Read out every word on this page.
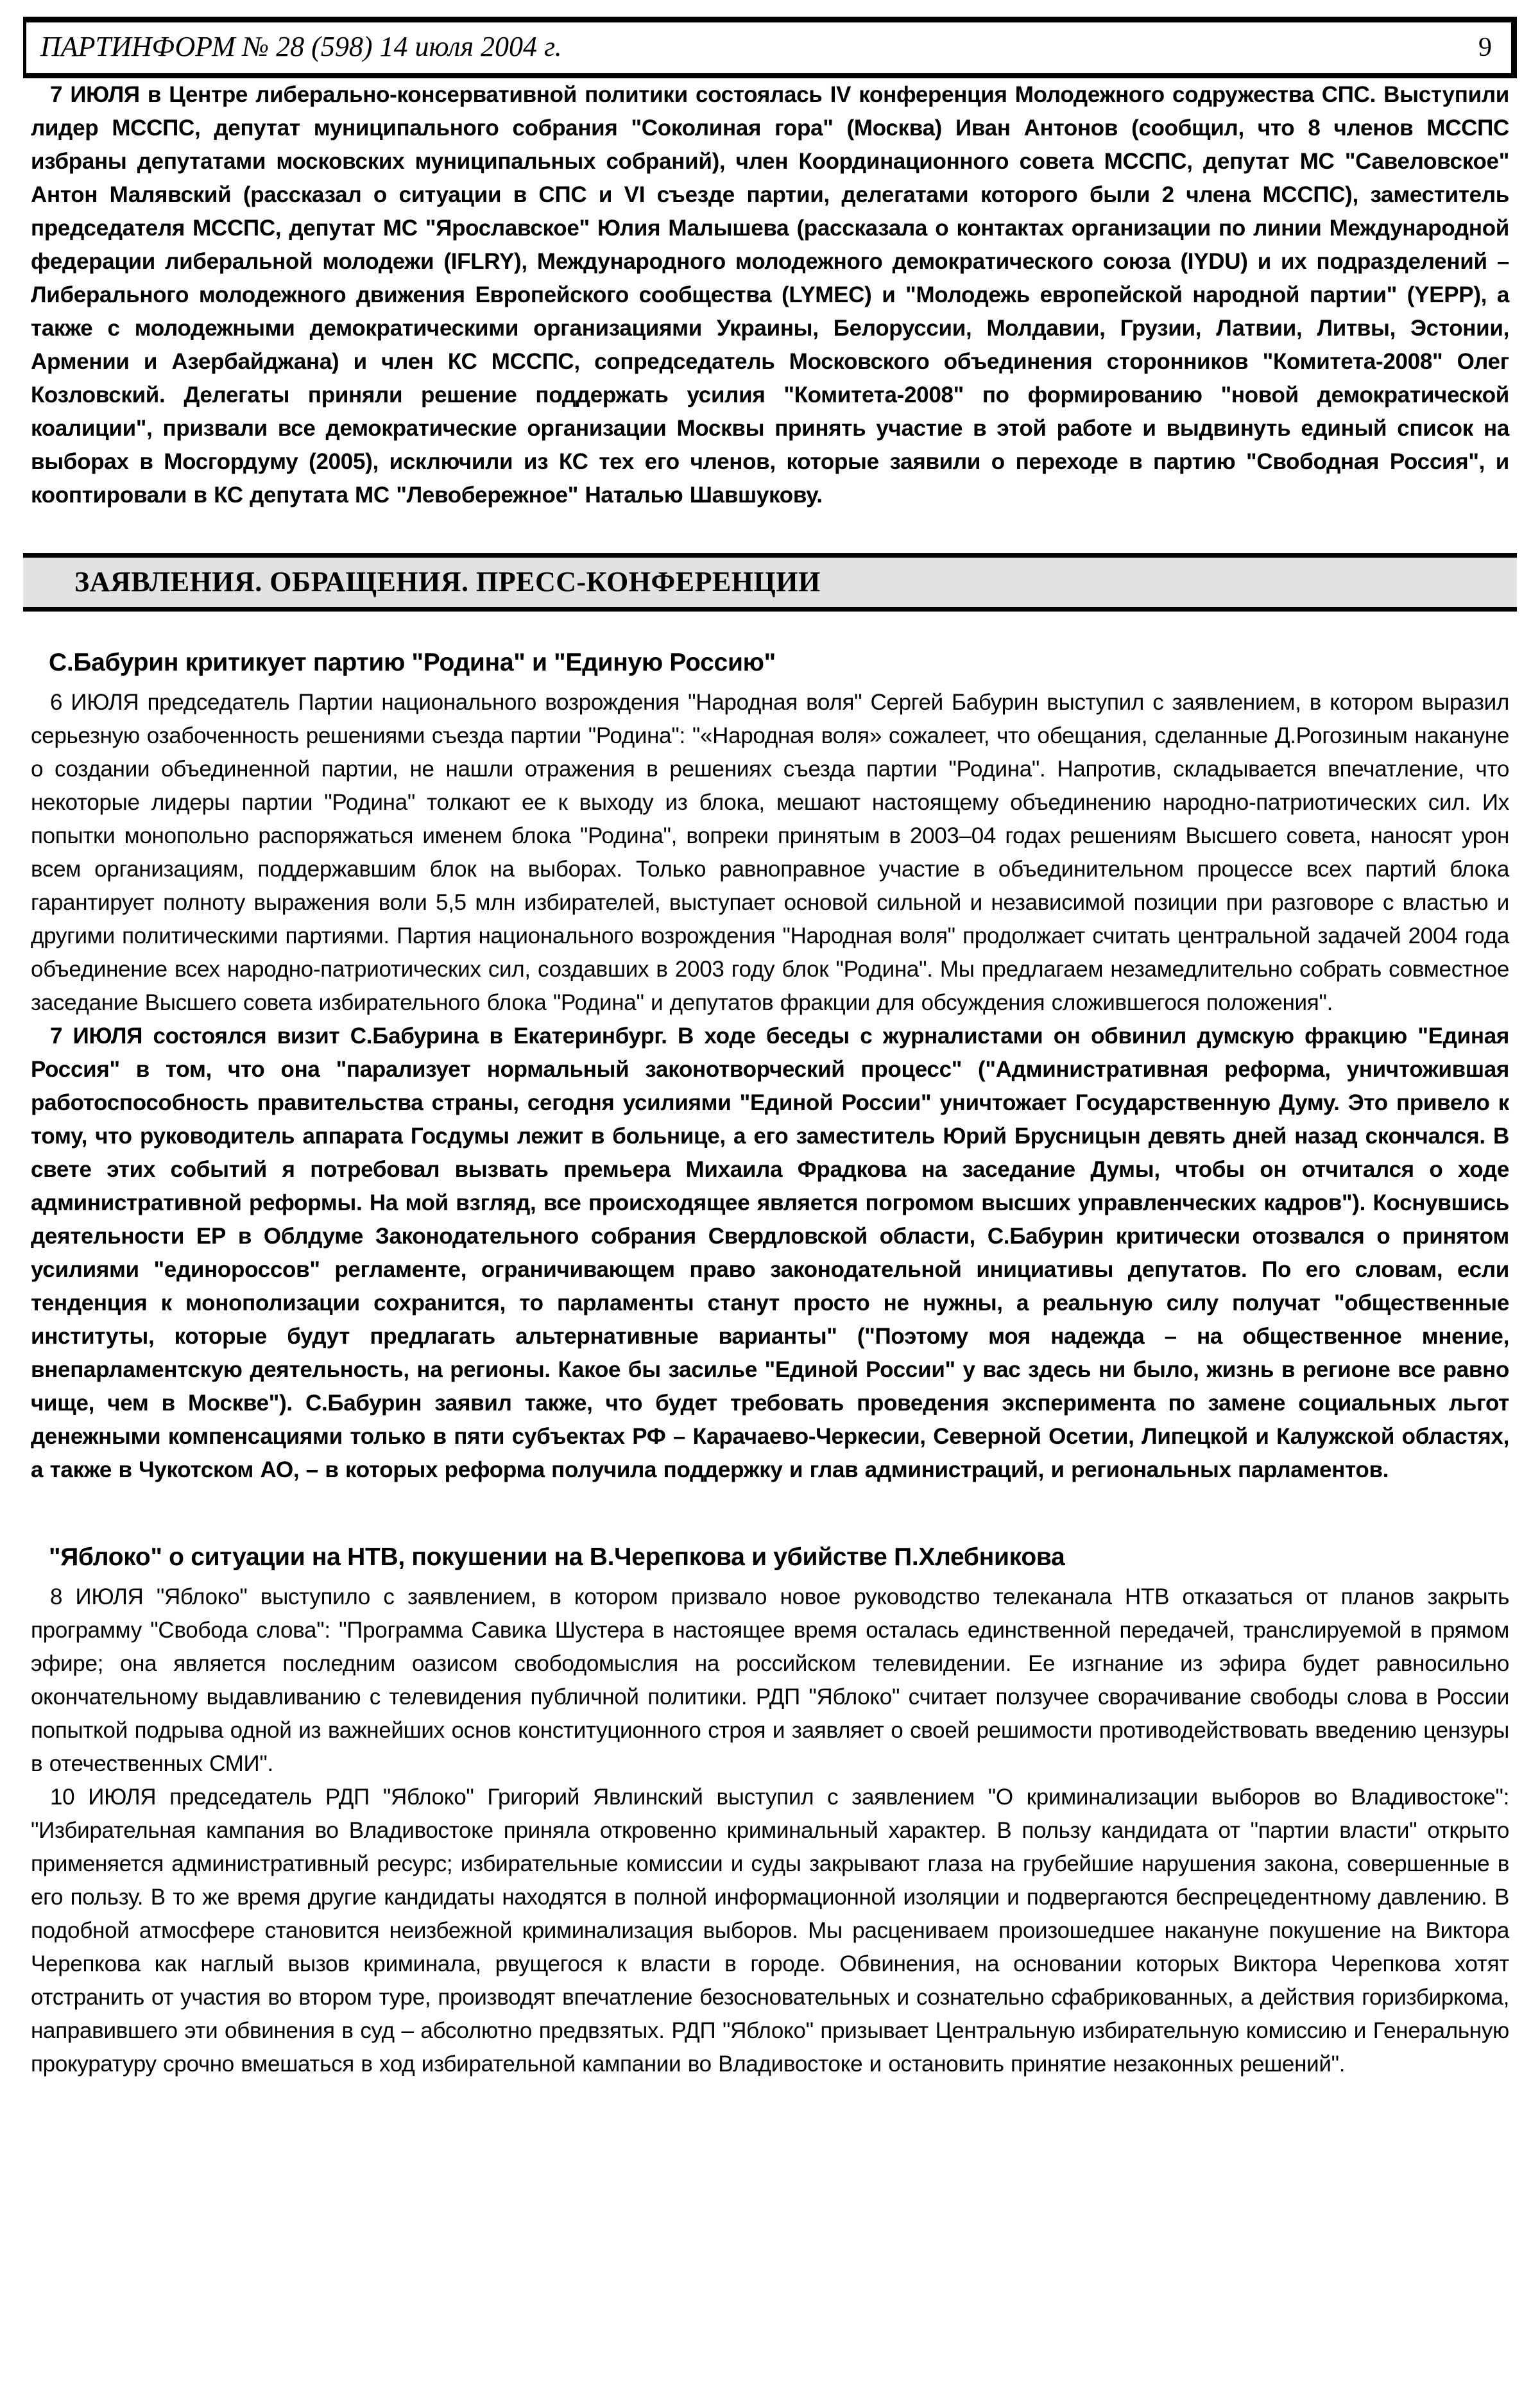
ПАРТИНФОРМ № 28 (598) 14 июля 2004 г.	9

7 ИЮЛЯ в Центре либерально-консервативной политики состоялась IV конференция Молодежного содружества СПС. Выступили лидер МССПС, депутат муниципального собрания "Соколиная гора" (Москва) Иван Антонов (сообщил, что 8 членов МССПС избраны депутатами московских муниципальных собраний), член Координационного совета МССПС, депутат МС "Савеловское" Антон Малявский (рассказал о ситуации в СПС и VI съезде партии, делегатами которого были 2 члена МССПС), заместитель председателя МССПС, депутат МС "Ярославское" Юлия Малышева (рассказала о контактах организации по линии Международной федерации либеральной молодежи (IFLRY), Международного молодежного демократического союза (IYDU) и их подразделений – Либерального молодежного движения Европейского сообщества (LYMEC) и "Молодежь европейской народной партии" (YEPP), а также с молодежными демократическими организациями Украины, Белоруссии, Молдавии, Грузии, Латвии, Литвы, Эстонии, Армении и Азербайджана) и член КС МССПС, сопредседатель Московского объединения сторонников "Комитета-2008" Олег Козловский. Делегаты приняли решение поддержать усилия "Комитета-2008" по формированию "новой демократической коалиции", призвали все демократические организации Москвы принять участие в этой работе и выдвинуть единый список на выборах в Мосгордуму (2005), исключили из КС тех его членов, которые заявили о переходе в партию "Свободная Россия", и кооптировали в КС депутата МС "Левобережное" Наталью Шавшукову.

ЗАЯВЛЕНИЯ. ОБРАЩЕНИЯ. ПРЕСС-КОНФЕРЕНЦИИ
С.Бабурин критикует партию "Родина" и "Единую Россию"

6 ИЮЛЯ председатель Партии национального возрождения "Народная воля" Сергей Бабурин выступил с заявлением, в котором выразил серьезную озабоченность решениями съезда партии "Родина": "«Народная воля» сожалеет, что обещания, сделанные Д.Рогозиным накануне о создании объединенной партии, не нашли отражения в решениях съезда партии "Родина". Напротив, складывается впечатление, что некоторые лидеры партии "Родина" толкают ее к выходу из блока, мешают настоящему объединению народно-патриотических сил. Их попытки монопольно распоряжаться именем блока "Родина", вопреки принятым в 2003–04 годах решениям Высшего совета, наносят урон всем организациям, поддержавшим блок на выборах. Только равноправное участие в объединительном процессе всех партий блока гарантирует полноту выражения воли 5,5 млн избирателей, выступает основой сильной и независимой позиции при разговоре с властью и другими политическими партиями. Партия национального возрождения "Народная воля" продолжает считать центральной задачей 2004 года объединение всех народно-патриотических сил, создавших в 2003 году блок "Родина". Мы предлагаем незамедлительно собрать совместное заседание Высшего совета избирательного блока "Родина" и депутатов фракции для обсуждения сложившегося положения".

7 ИЮЛЯ состоялся визит С.Бабурина в Екатеринбург. В ходе беседы с журналистами он обвинил думскую фракцию "Единая Россия" в том, что она "парализует нормальный законотворческий процесс" ("Административная реформа, уничтожившая работоспособность правительства страны, сегодня усилиями "Единой России" уничтожает Государственную Думу. Это привело к тому, что руководитель аппарата Госдумы лежит в больнице, а его заместитель Юрий Брусницын девять дней назад скончался. В свете этих событий я потребовал вызвать премьера Михаила Фрадкова на заседание Думы, чтобы он отчитался о ходе административной реформы. На мой взгляд, все происходящее является погромом высших управленческих кадров"). Коснувшись деятельности ЕР в Облдуме Законодательного собрания Свердловской области, С.Бабурин критически отозвался о принятом усилиями "единороссов" регламенте, ограничивающем право законодательной инициативы депутатов. По его словам, если тенденция к монополизации сохранится, то парламенты станут просто не нужны, а реальную силу получат "общественные институты, которые будут предлагать альтернативные варианты" ("Поэтому моя надежда – на общественное мнение, внепарламентскую деятельность, на регионы. Какое бы засилье "Единой России" у вас здесь ни было, жизнь в регионе все равно чище, чем в Москве"). С.Бабурин заявил также, что будет требовать проведения эксперимента по замене социальных льгот денежными компенсациями только в пяти субъектах РФ – Карачаево-Черкесии, Северной Осетии, Липецкой и Калужской областях, а также в Чукотском АО, – в которых реформа получила поддержку и глав администраций, и региональных парламентов.

"Яблоко" о ситуации на НТВ, покушении на В.Черепкова и убийстве П.Хлебникова

8 ИЮЛЯ "Яблоко" выступило с заявлением, в котором призвало новое руководство телеканала НТВ отказаться от планов закрыть программу "Свобода слова": "Программа Савика Шустера в настоящее время осталась единственной передачей, транслируемой в прямом эфире; она является последним оазисом свободомыслия на российском телевидении. Ее изгнание из эфира будет равносильно окончательному выдавливанию с телевидения публичной политики. РДП "Яблоко" считает ползучее сворачивание свободы слова в России попыткой подрыва одной из важнейших основ конституционного строя и заявляет о своей решимости противодействовать введению цензуры в отечественных СМИ".

10 ИЮЛЯ председатель РДП "Яблоко" Григорий Явлинский выступил с заявлением "О криминализации выборов во Владивостоке": "Избирательная кампания во Владивостоке приняла откровенно криминальный характер. В пользу кандидата от "партии власти" открыто применяется административный ресурс; избирательные комиссии и суды закрывают глаза на грубейшие нарушения закона, совершенные в его пользу. В то же время другие кандидаты находятся в полной информационной изоляции и подвергаются беспрецедентному давлению. В подобной атмосфере становится неизбежной криминализация выборов. Мы расцениваем произошедшее накануне покушение на Виктора Черепкова как наглый вызов криминала, рвущегося к власти в городе. Обвинения, на основании которых Виктора Черепкова хотят отстранить от участия во втором туре, производят впечатление безосновательных и сознательно сфабрикованных, а действия горизбиркома, направившего эти обвинения в суд – абсолютно предвзятых. РДП "Яблоко" призывает Центральную избирательную комиссию и Генеральную прокуратуру срочно вмешаться в ход избирательной кампании во Владивостоке и остановить принятие незаконных решений".
